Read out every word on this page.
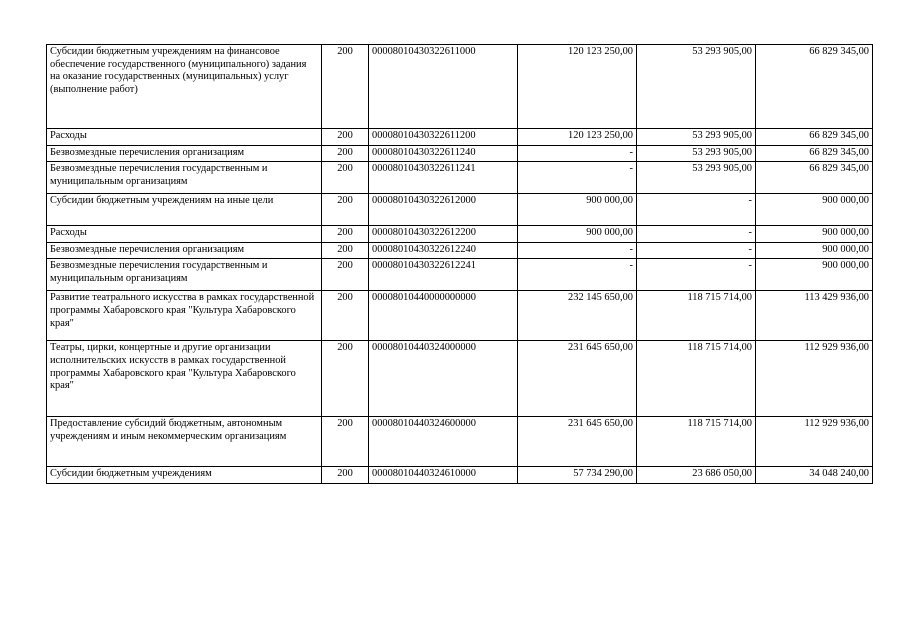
Субсидии бюджетным учреждениям на финансовое обеспечение государственного (муниципального) задания на оказание государственных (муниципальных) услуг (выполнение работ)	200	00008010430322611000	120 123 250,00	53 293 905,00	66 829 345,00
Расходы	200	00008010430322611200	120 123 250,00	53 293 905,00	66 829 345,00
Безвозмездные перечисления организациям	200	00008010430322611240	-	53 293 905,00	66 829 345,00
Безвозмездные перечисления государственным и муниципальным организациям	200	00008010430322611241	-	53 293 905,00	66 829 345,00
Субсидии бюджетным учреждениям на иные цели	200	00008010430322612000	900 000,00	-	900 000,00
Расходы	200	00008010430322612200	900 000,00	-	900 000,00
Безвозмездные перечисления организациям	200	00008010430322612240	-	-	900 000,00
Безвозмездные перечисления государственным и муниципальным организациям	200	00008010430322612241	-	-	900 000,00
Развитие театрального искусства в рамках государственной программы Хабаровского края "Культура Хабаровского края"	200	00008010440000000000	232 145 650,00	118 715 714,00	113 429 936,00
Театры, цирки, концертные и другие организации исполнительских искусств в рамках государственной программы Хабаровского края "Культура Хабаровского края"	200	00008010440324000000	231 645 650,00	118 715 714,00	112 929 936,00
Предоставление субсидий бюджетным, автономным учреждениям и иным некоммерческим организациям	200	00008010440324600000	231 645 650,00	118 715 714,00	112 929 936,00
Субсидии бюджетным учреждениям	200	00008010440324610000	57 734 290,00	23 686 050,00	34 048 240,00
